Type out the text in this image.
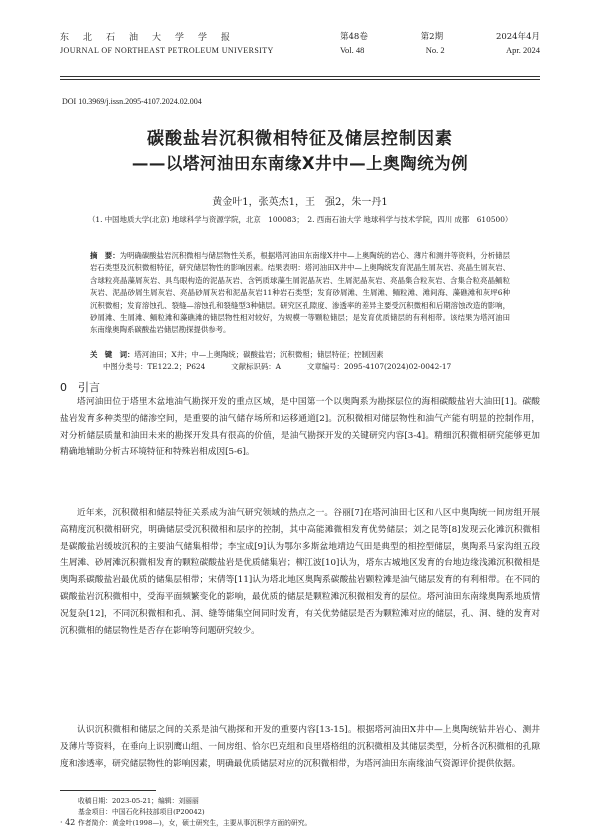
东北石油大学学报
JOURNAL OF NORTHEAST PETROLEUM UNIVERSITY
第48卷	第2期	2024年4月
Vol. 48	No. 2	Apr. 2024
DOI 10.3969/j.issn.2095-4107.2024.02.004
碳酸盐岩沉积微相特征及储层控制因素
——以塔河油田东南缘X井中—上奥陶统为例
黄金叶1，张英杰1，王　强2，朱一丹1
（1. 中国地质大学(北京) 地球科学与资源学院，北京　100083；　2. 西南石油大学 地球科学与技术学院，四川 成都　610500）
摘　要：为明确碳酸盐岩沉积微相与储层物性关系，根据塔河油田东南缘X井中—上奥陶统的岩心、薄片和测井等资料，分析储层岩石类型及沉积微相特征，研究储层物性的影响因素。结果表明：塔河油田X井中—上奥陶统发育泥晶生屑灰岩、亮晶生屑灰岩、含球粒亮晶藻屑灰岩、具鸟眼构造的泥晶灰岩、含钙质球藻生屑泥晶灰岩、生屑泥晶灰岩、亮晶集合粒灰岩、含集合粒亮晶鲕粒灰岩、泥晶砂屑生屑灰岩、亮晶砂屑灰岩和泥晶灰岩11种岩石类型；发育砂屑滩、生屑滩、鲕粒滩、滩间海、藻礁滩和灰坪6种沉积微相；发育溶蚀孔、裂缝—溶蚀孔和裂缝型3种储层。研究区孔隙度、渗透率的差异主要受沉积微相和后期溶蚀改造的影响，砂屑滩、生屑滩、鲕粒滩和藻礁滩的储层物性相对较好，为规模一等颗粒储层；是发育优质储层的有利相带。该结果为塔河油田东南缘奥陶系碳酸盐岩储层勘探提供参考。
关　键　词：塔河油田；X井；中—上奥陶统；碳酸盐岩；沉积微相；储层特征；控制因素
中图分类号：TE122.2；P624	文献标识码：A	文章编号：2095-4107(2024)02-0042-17
0　引言
塔河油田位于塔里木盆地油气勘探开发的重点区域，是中国第一个以奥陶系为勘探层位的海相碳酸盐岩大油田[1]。碳酸盐岩发育多种类型的储渗空间，是重要的油气储存场所和运移通道[2]。沉积微相对储层物性和油气产能有明显的控制作用，对分析储层质量和油田未来的勘探开发具有很高的价值，是油气勘探开发的关键研究内容[3-4]。精细沉积微相研究能够更加精确地辅助分析古环境特征和特殊岩相成因[5-6]。
近年来，沉积微相和储层特征关系成为油气研究领域的热点之一。谷丽[7]在塔河油田七区和八区中奥陶统一间房组开展高精度沉积微相研究，明确储层受沉积微相和层序的控制，其中高能滩微相发育优势储层；刘之昆等[8]发现云化滩沉积微相是碳酸盐岩缓坡沉积的主要油气储集相带；李宝成[9]认为鄂尔多斯盆地靖边气田是典型的相控型储层，奥陶系马家沟组五段生屑滩、砂屑滩沉积微相发育的颗粒碳酸盐岩是优质储集岩；柳江波[10]认为，塔东古城地区发育的台地边缘浅滩沉积微相是奥陶系碳酸盐岩最优质的储集层相带；宋倩等[11]认为塔北地区奥陶系碳酸盐岩颗粒滩是油气储层发育的有利相带。在不同的碳酸盐岩沉积微相中，受海平面频繁变化的影响，最优质的储层是颗粒滩沉积微相发育的层位。塔河油田东南缘奥陶系地质情况复杂[12]，不同沉积微相和孔、洞、缝等储集空间同时发育，有关优势储层是否为颗粒滩对应的储层，孔、洞、缝的发育对沉积微相的储层物性是否存在影响等问题研究较少。
认识沉积微相和储层之间的关系是油气勘探和开发的重要内容[13-15]。根据塔河油田X井中—上奥陶统钻井岩心、测井及薄片等资料，在垂向上识别鹰山组、一间房组、恰尔巴克组和良里塔格组的沉积微相及其储层类型，分析各沉积微相的孔隙度和渗透率，研究储层物性的影响因素，明确最优质储层对应的沉积微相带，为塔河油田东南缘油气资源评价提供依据。
收稿日期：2023-05-21；编辑：刘丽丽
基金项目：中国石化科技部项目(P20042)
作者简介：黄金叶(1998—)，女，硕士研究生，主要从事沉积学方面的研究。
· 42 ·
